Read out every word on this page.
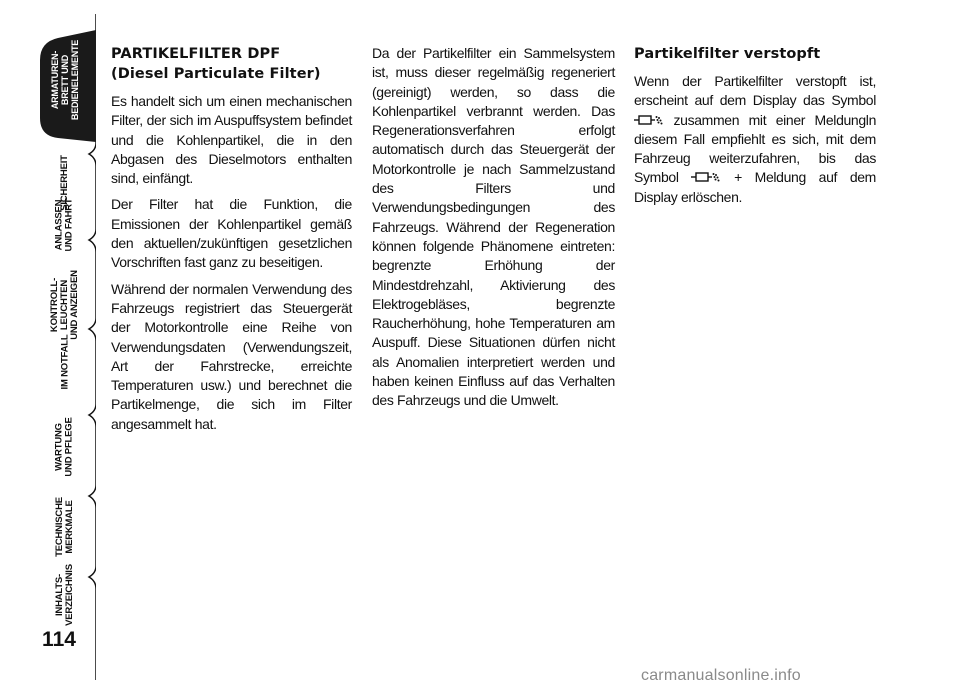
ARMATUREN-
BRETT UND
BEDIENELEMENTE
SICHERHEIT
ANLASSEN
UND FAHRT
KONTROLL-
LEUCHTEN
UND ANZEIGEN
IM NOTFALL
WARTUNG
UND PFLEGE
TECHNISCHE
MERKMALE
INHALTS-
VERZEICHNIS
114
PARTIKELFILTER DPF
(Diesel Particulate Filter)

Es handelt sich um einen mechanischen Filter, der sich im Auspuffsystem befindet und die Kohlenpartikel, die in den Abgasen des Dieselmotors enthalten sind, einfängt.

Der Filter hat die Funktion, die Emissionen der Kohlenpartikel gemäß den aktuellen/zukünftigen gesetzlichen Vorschriften fast ganz zu beseitigen.

Während der normalen Verwendung des Fahrzeugs registriert das Steuergerät der Motorkontrolle eine Reihe von Verwendungsdaten (Verwendungszeit, Art der Fahrstrecke, erreichte Temperaturen usw.) und berechnet die Partikelmenge, die sich im Filter angesammelt hat.

Da der Partikelfilter ein Sammelsystem ist, muss dieser regelmäßig regeneriert (gereinigt) werden, so dass die Kohlenpartikel verbrannt werden. Das Regenerationsverfahren erfolgt automatisch durch das Steuergerät der Motorkontrolle je nach Sammelzustand des Filters und Verwendungsbedingungen des Fahrzeugs. Während der Regeneration können folgende Phänomene eintreten: begrenzte Erhöhung der Mindestdrehzahl, Aktivierung des Elektrogebläses, begrenzte Raucherhöhung, hohe Temperaturen am Auspuff. Diese Situationen dürfen nicht als Anomalien interpretiert werden und haben keinen Einfluss auf das Verhalten des Fahrzeugs und die Umwelt.

Partikelfilter verstopft

Wenn der Partikelfilter verstopft ist, erscheint auf dem Display das Symbol  zusammen mit einer Meldungln diesem Fall empfiehlt es sich, mit dem Fahrzeug weiterzufahren, bis das Symbol	+ Meldung auf dem Display erlöschen.

carmanualsonline.info
